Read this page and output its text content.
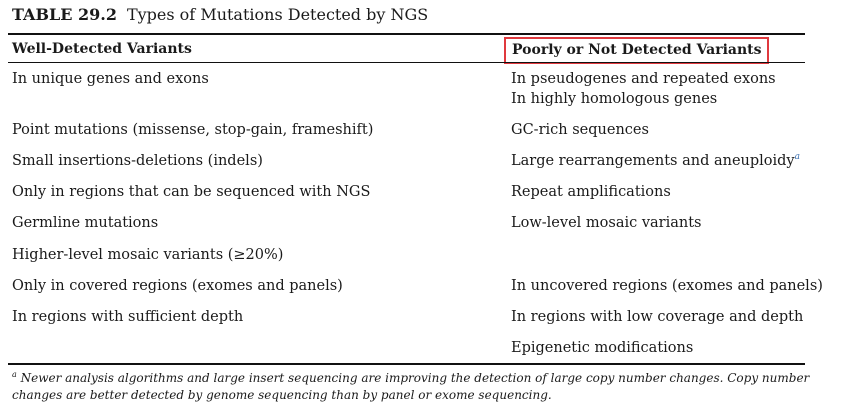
TABLE 29.2 Types of Mutations Detected by NGS
Well-Detected Variants	Poorly or Not Detected Variants
In unique genes and exons
Point mutations (missense, stop-gain, frameshift)
Small insertions-deletions (indels)
Only in regions that can be sequenced with NGS
Germline mutations
Higher-level mosaic variants (≥20%)
Only in covered regions (exomes and panels)
In regions with sufficient depth
In pseudogenes and repeated exons
In highly homologous genes
GC-rich sequences
Large rearrangements and aneuploidy$^a$
Repeat amplifications
Low-level mosaic variants
In uncovered regions (exomes and panels)
In regions with low coverage and depth
Epigenetic modifications
$^a$ Newer analysis algorithms and large insert sequencing are improving the detection of large copy number changes. Copy number changes are better detected by genome sequencing than by panel or exome sequencing.
